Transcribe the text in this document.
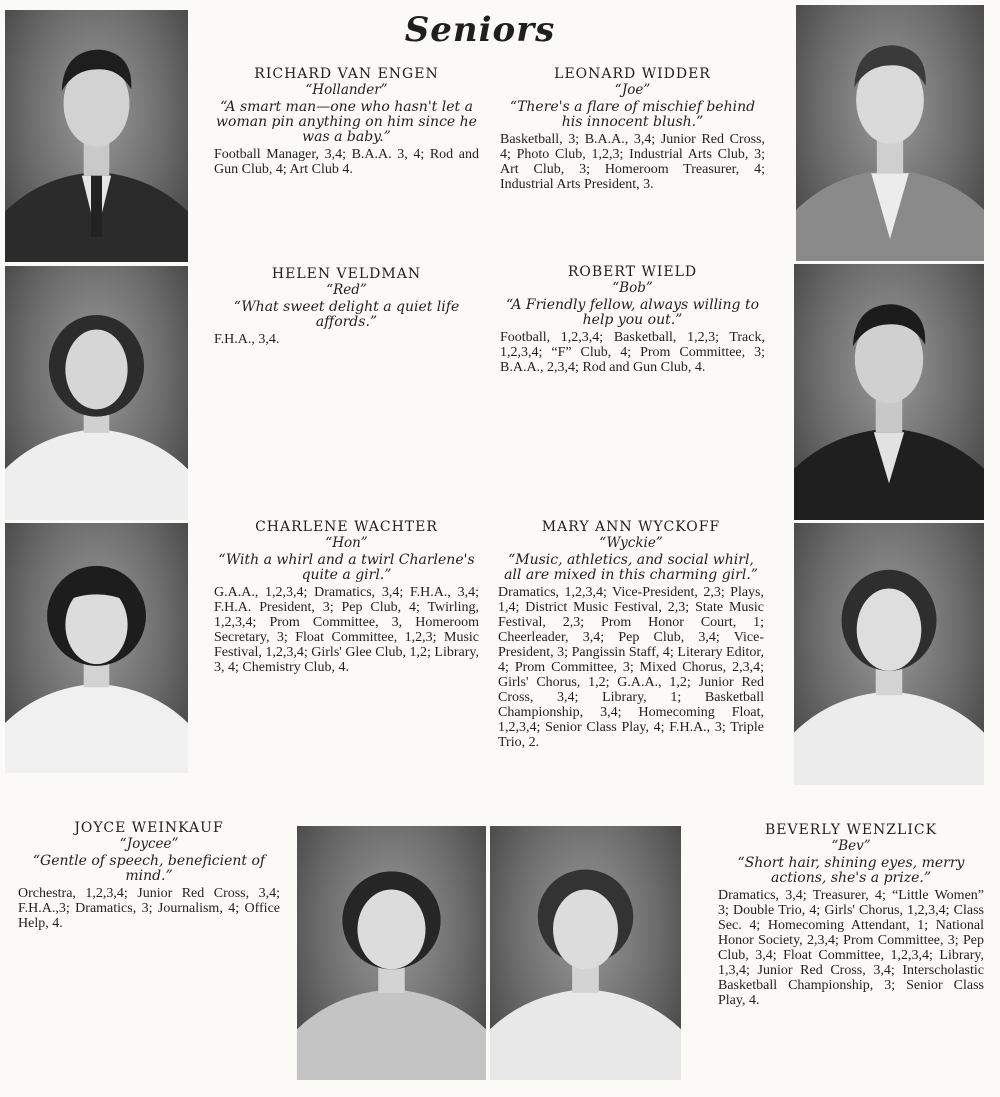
Seniors

RICHARD VAN ENGEN

“Hollander”

“A smart man—one who hasn't let a woman pin anything on him since he was a baby.”

Football Manager, 3,4; B.A.A. 3, 4; Rod and Gun Club, 4; Art Club 4.

LEONARD WIDDER

“Joe”

“There's a flare of mischief behind his innocent blush.”

Basketball, 3; B.A.A., 3,4; Junior Red Cross, 4; Photo Club, 1,2,3; Industrial Arts Club, 3; Art Club, 3; Homeroom Treasurer, 4; Industrial Arts President, 3.

HELEN VELDMAN

“Red”

“What sweet delight a quiet life affords.”

F.H.A., 3,4.

ROBERT WIELD

“Bob”

“A Friendly fellow, always willing to help you out.”

Football, 1,2,3,4; Basketball, 1,2,3; Track, 1,2,3,4; “F” Club, 4; Prom Committee, 3; B.A.A., 2,3,4; Rod and Gun Club, 4.

CHARLENE WACHTER

“Hon”

“With a whirl and a twirl Charlene's quite a girl.”

G.A.A., 1,2,3,4; Dramatics, 3,4; F.H.A., 3,4; F.H.A. President, 3; Pep Club, 4; Twirling, 1,2,3,4; Prom Committee, 3, Homeroom Secretary, 3; Float Committee, 1,2,3; Music Festival, 1,2,3,4; Girls' Glee Club, 1,2; Library, 3, 4; Chemistry Club, 4.

MARY ANN WYCKOFF

“Wyckie”

“Music, athletics, and social whirl, all are mixed in this charming girl.”

Dramatics, 1,2,3,4; Vice-President, 2,3; Plays, 1,4; District Music Festival, 2,3; State Music Festival, 2,3; Prom Honor Court, 1; Cheerleader, 3,4; Pep Club, 3,4; Vice-President, 3; Pangissin Staff, 4; Literary Editor, 4; Prom Committee, 3; Mixed Chorus, 2,3,4; Girls' Chorus, 1,2; G.A.A., 1,2; Junior Red Cross, 3,4; Library, 1; Basketball Championship, 3,4; Homecoming Float, 1,2,3,4; Senior Class Play, 4; F.H.A., 3; Triple Trio, 2.

JOYCE WEINKAUF

“Joycee”

“Gentle of speech, beneficient of mind.”

Orchestra, 1,2,3,4; Junior Red Cross, 3,4; F.H.A.,3; Dramatics, 3; Journalism, 4; Office Help, 4.

BEVERLY WENZLICK

“Bev”

“Short hair, shining eyes, merry actions, she's a prize.”

Dramatics, 3,4; Treasurer, 4; “Little Women” 3; Double Trio, 4; Girls' Chorus, 1,2,3,4; Class Sec. 4; Homecoming Attendant, 1; National Honor Society, 2,3,4; Prom Committee, 3; Pep Club, 3,4; Float Committee, 1,2,3,4; Library, 1,3,4; Junior Red Cross, 3,4; Interscholastic Basketball Championship, 3; Senior Class Play, 4.
